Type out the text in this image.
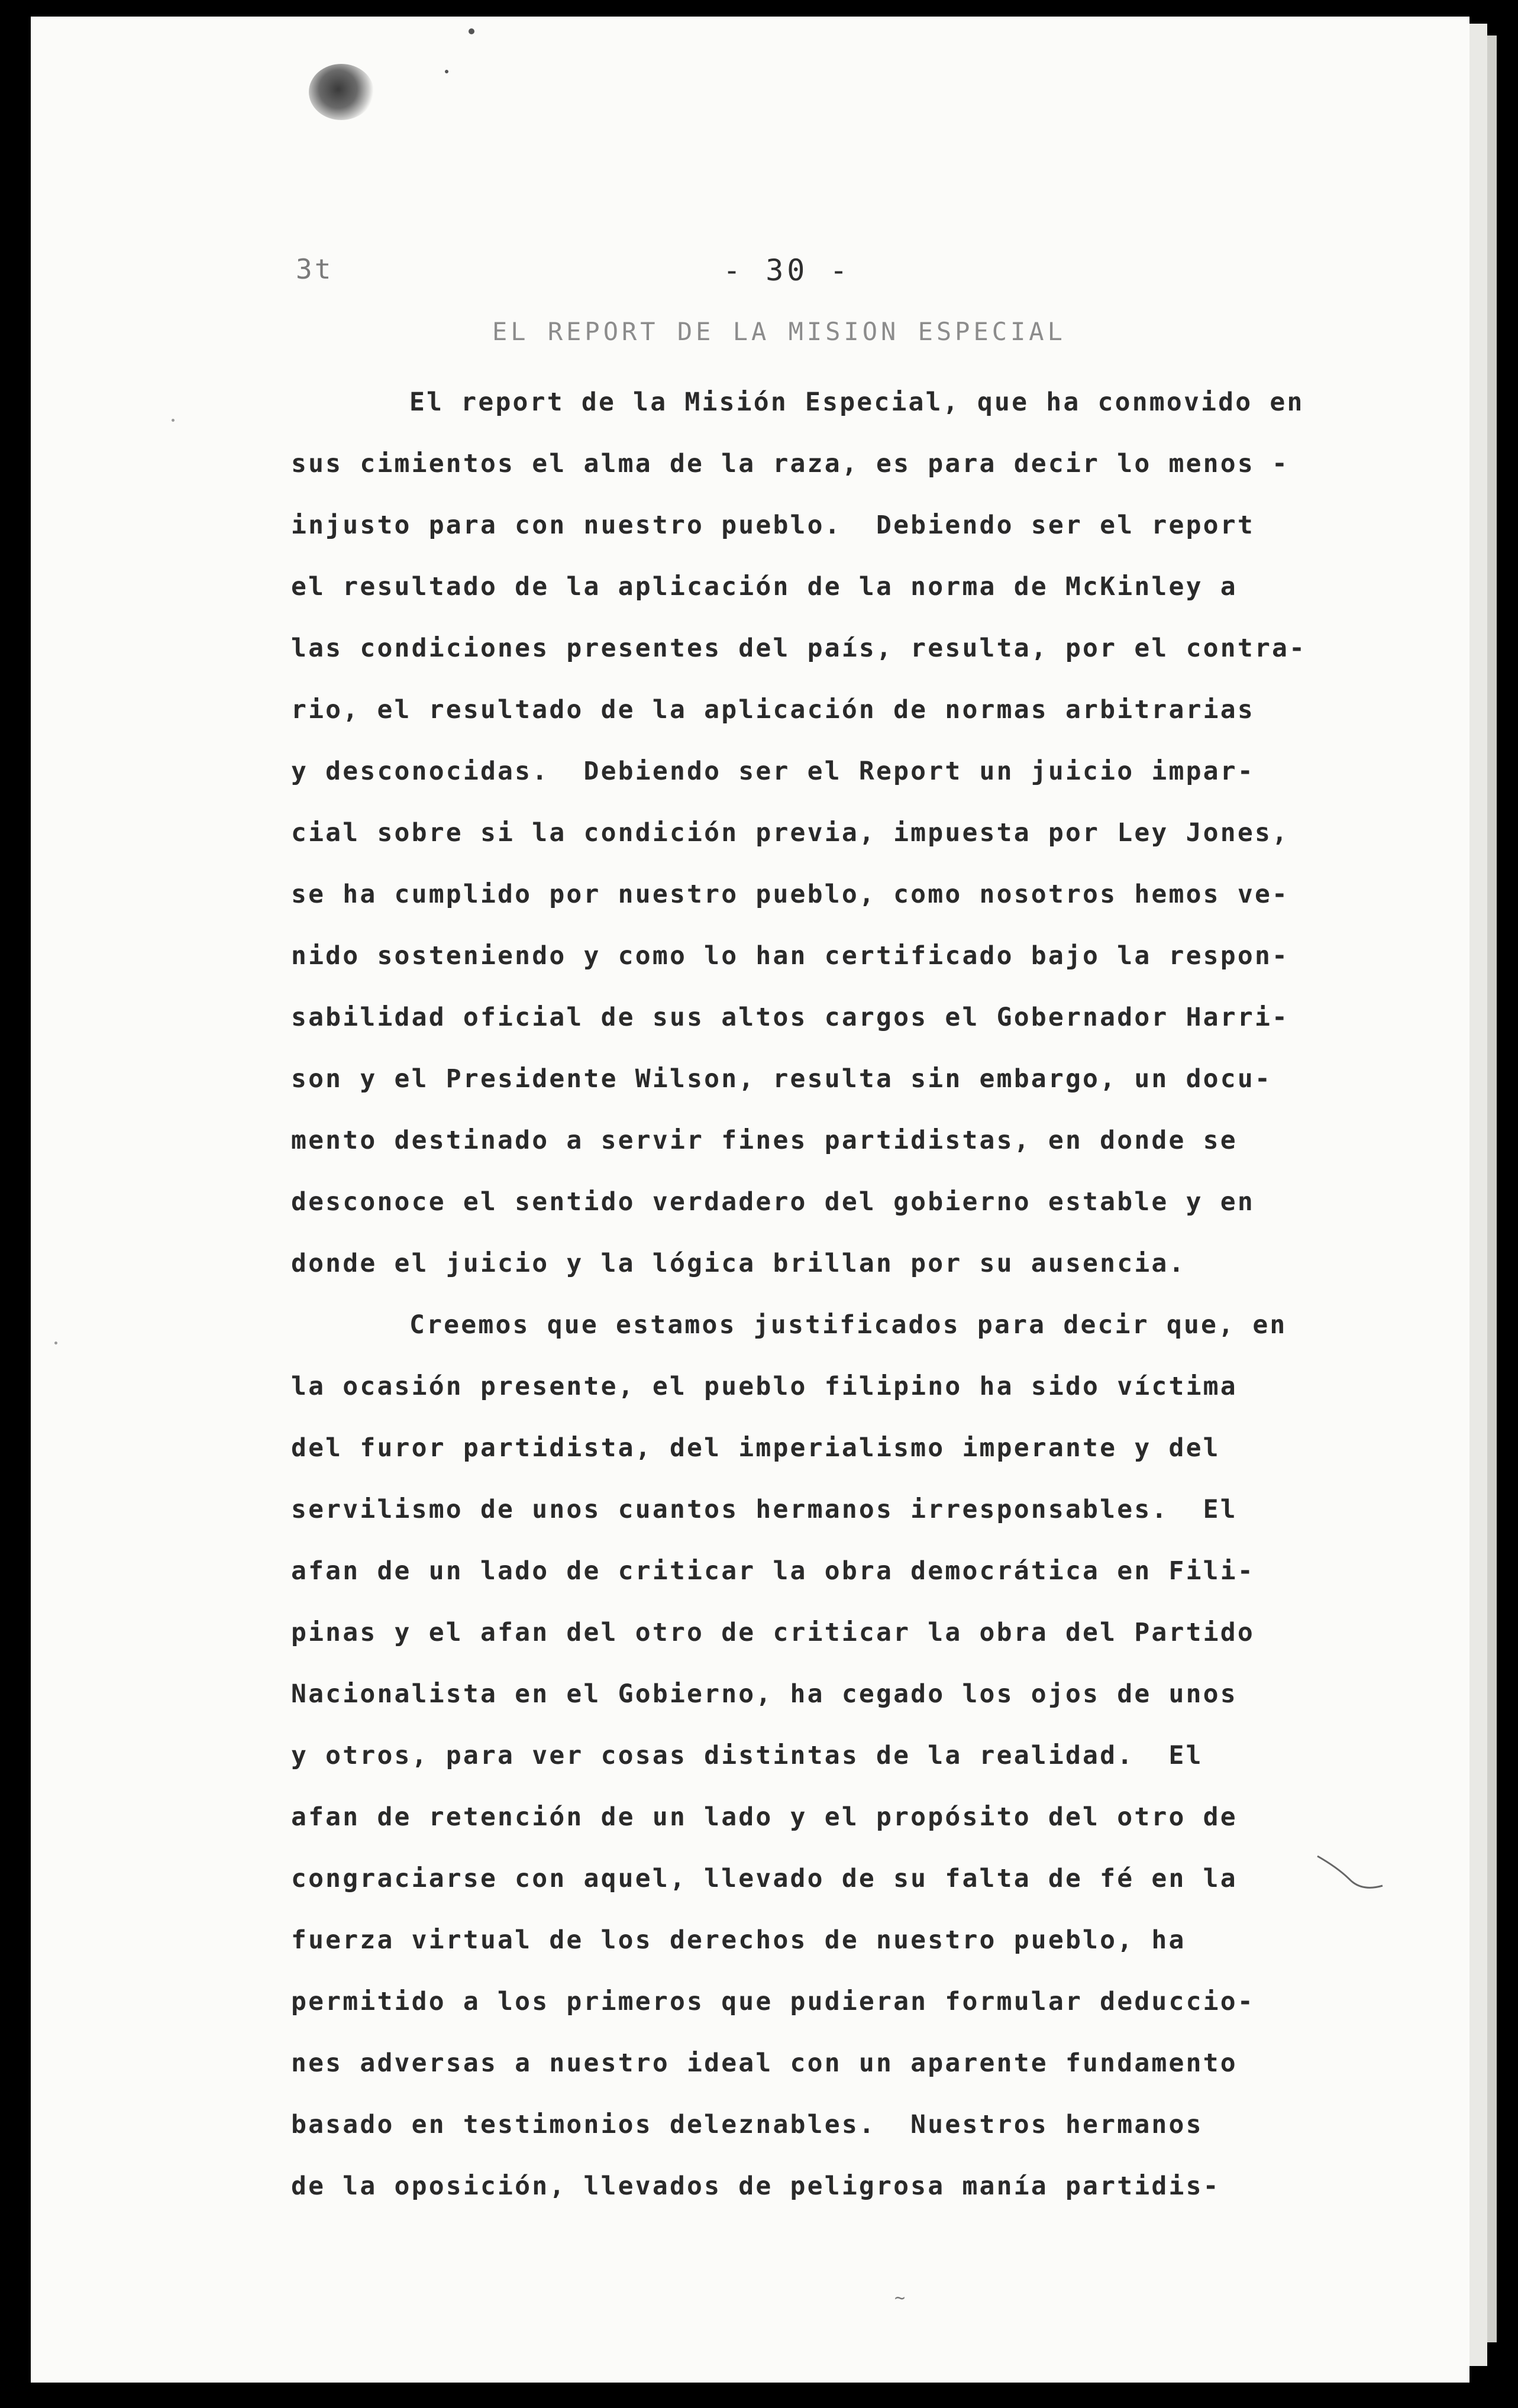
3t	- 30 -
EL REPORT DE LA MISION ESPECIAL
El report de la Misión Especial, que ha conmovido en
sus cimientos el alma de la raza, es para decir lo menos -
injusto para con nuestro pueblo.  Debiendo ser el report
el resultado de la aplicación de la norma de McKinley a
las condiciones presentes del país, resulta, por el contra-
rio, el resultado de la aplicación de normas arbitrarias
y desconocidas.  Debiendo ser el Report un juicio impar-
cial sobre si la condición previa, impuesta por Ley Jones,
se ha cumplido por nuestro pueblo, como nosotros hemos ve-
nido sosteniendo y como lo han certificado bajo la respon-
sabilidad oficial de sus altos cargos el Gobernador Harri-
son y el Presidente Wilson, resulta sin embargo, un docu-
mento destinado a servir fines partidistas, en donde se
desconoce el sentido verdadero del gobierno estable y en
donde el juicio y la lógica brillan por su ausencia.
Creemos que estamos justificados para decir que, en
la ocasión presente, el pueblo filipino ha sido víctima
del furor partidista, del imperialismo imperante y del
servilismo de unos cuantos hermanos irresponsables.  El
afan de un lado de criticar la obra democrática en Fili-
pinas y el afan del otro de criticar la obra del Partido
Nacionalista en el Gobierno, ha cegado los ojos de unos
y otros, para ver cosas distintas de la realidad.  El
afan de retención de un lado y el propósito del otro de
congraciarse con aquel, llevado de su falta de fé en la
fuerza virtual de los derechos de nuestro pueblo, ha
permitido a los primeros que pudieran formular deduccio-
nes adversas a nuestro ideal con un aparente fundamento
basado en testimonios deleznables.  Nuestros hermanos
de la oposición, llevados de peligrosa manía partidis-
~
